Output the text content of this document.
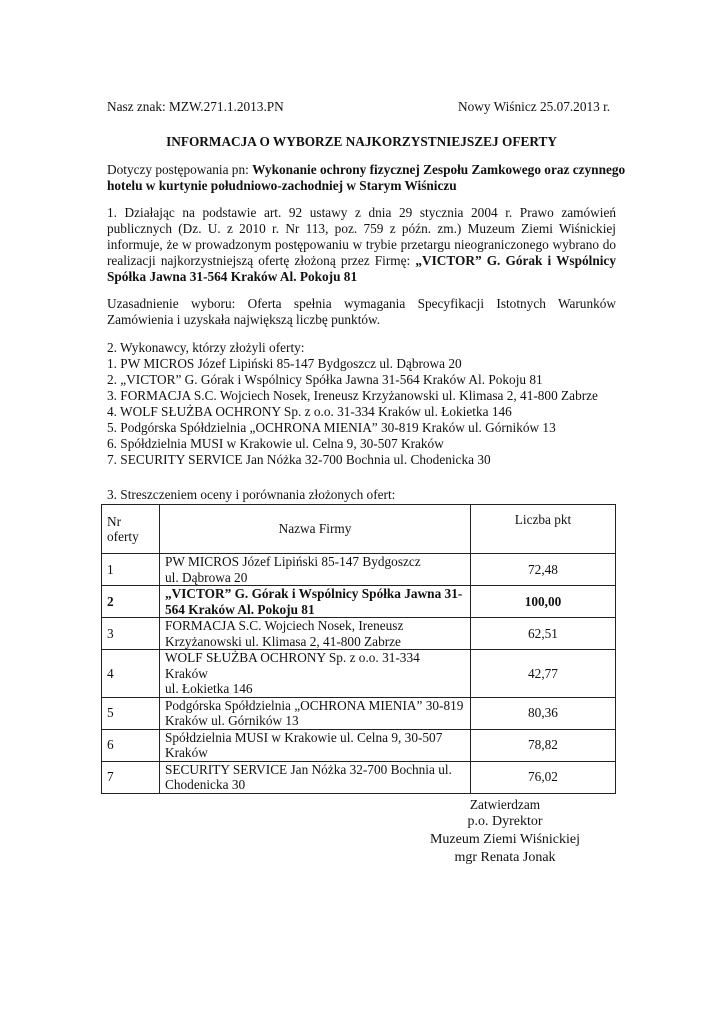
Nasz znak: MZW.271.1.2013.PN	Nowy Wiśnicz 25.07.2013 r.
INFORMACJA O WYBORZE NAJKORZYSTNIEJSZEJ OFERTY
Dotyczy postępowania pn: Wykonanie ochrony fizycznej Zespołu Zamkowego oraz czynnego
hotelu w kurtynie południowo-zachodniej w Starym Wiśniczu
1. Działając na podstawie art. 92 ustawy z dnia 29 stycznia 2004 r. Prawo zamówień publicznych (Dz. U. z 2010 r. Nr 113, poz. 759 z późn. zm.) Muzeum Ziemi Wiśnickiej informuje, że w prowadzonym postępowaniu w trybie przetargu nieograniczonego wybrano do realizacji najkorzystniejszą ofertę złożoną przez Firmę: „VICTOR” G. Górak i Wspólnicy Spółka Jawna 31-564 Kraków Al. Pokoju 81
Uzasadnienie wyboru: Oferta spełnia wymagania Specyfikacji Istotnych Warunków Zamówienia i uzyskała największą liczbę punktów.
2. Wykonawcy, którzy złożyli oferty:
1. PW MICROS Józef Lipiński 85-147 Bydgoszcz ul. Dąbrowa 20
2. „VICTOR” G. Górak i Wspólnicy Spółka Jawna 31-564 Kraków Al. Pokoju 81
3. FORMACJA S.C. Wojciech Nosek, Ireneusz Krzyżanowski ul. Klimasa 2, 41-800 Zabrze
4. WOLF SŁUŻBA OCHRONY Sp. z o.o. 31-334 Kraków ul. Łokietka 146
5. Podgórska Spółdzielnia „OCHRONA MIENIA” 30-819 Kraków ul. Górników 13
6. Spółdzielnia MUSI w Krakowie ul. Celna 9, 30-507 Kraków
7. SECURITY SERVICE Jan Nóżka 32-700 Bochnia ul. Chodenicka 30
3. Streszczeniem oceny i porównania złożonych ofert:
Nr oferty	Nazwa Firmy	Liczba pkt
1	PW MICROS Józef Lipiński 85-147 Bydgoszcz
ul. Dąbrowa 20	72,48
2	„VICTOR” G. Górak i Wspólnicy Spółka Jawna 31-
564 Kraków Al. Pokoju 81	100,00
3	FORMACJA S.C. Wojciech Nosek, Ireneusz
Krzyżanowski ul. Klimasa 2, 41-800 Zabrze	62,51
4	WOLF SŁUŻBA OCHRONY Sp. z o.o. 31-334 Kraków
ul. Łokietka 146	42,77
5	Podgórska Spółdzielnia „OCHRONA MIENIA” 30-819
Kraków ul. Górników 13	80,36
6	Spółdzielnia MUSI w Krakowie ul. Celna 9, 30-507
Kraków	78,82
7	SECURITY SERVICE Jan Nóżka 32-700 Bochnia ul.
Chodenicka 30	76,02
Zatwierdzam
p.o. Dyrektor
Muzeum Ziemi Wiśnickiej
mgr Renata Jonak
